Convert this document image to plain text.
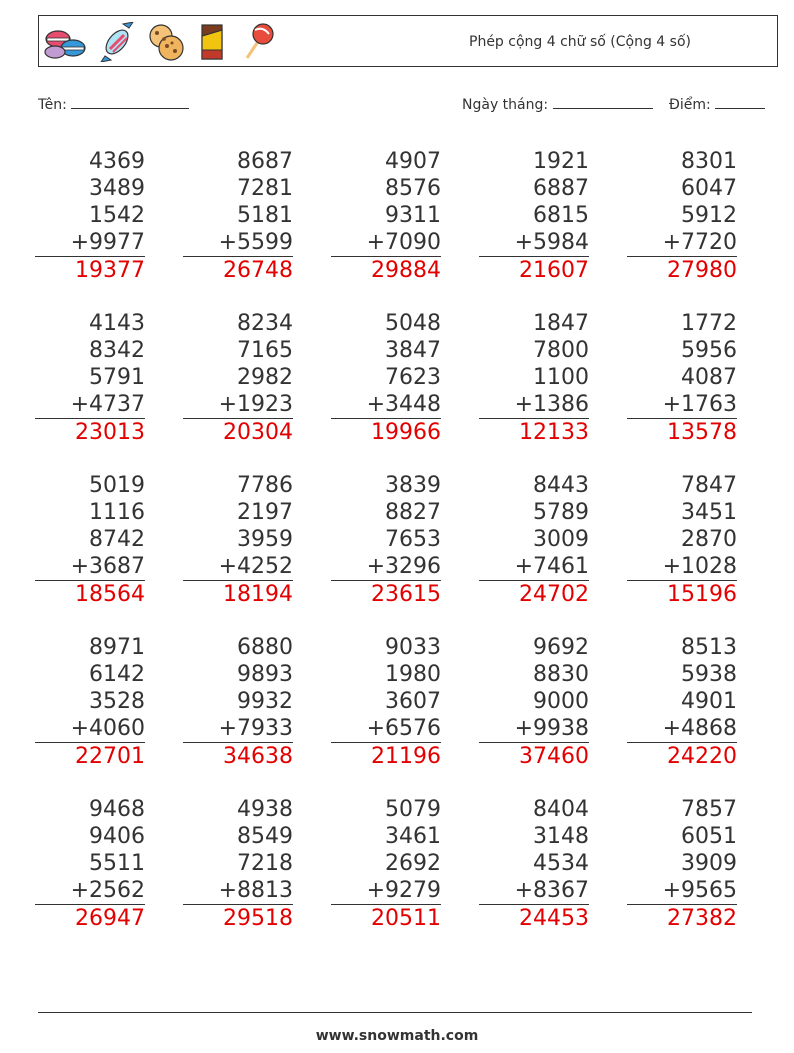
Phép cộng 4 chữ số (Cộng 4 số)
Tên:	Ngày tháng:	Điểm:
4369
3489
1542
+9977
19377
8687
7281
5181
+5599
26748
4907
8576
9311
+7090
29884
1921
6887
6815
+5984
21607
8301
6047
5912
+7720
27980
4143
8342
5791
+4737
23013
8234
7165
2982
+1923
20304
5048
3847
7623
+3448
19966
1847
7800
1100
+1386
12133
1772
5956
4087
+1763
13578
5019
1116
8742
+3687
18564
7786
2197
3959
+4252
18194
3839
8827
7653
+3296
23615
8443
5789
3009
+7461
24702
7847
3451
2870
+1028
15196
8971
6142
3528
+4060
22701
6880
9893
9932
+7933
34638
9033
1980
3607
+6576
21196
9692
8830
9000
+9938
37460
8513
5938
4901
+4868
24220
9468
9406
5511
+2562
26947
4938
8549
7218
+8813
29518
5079
3461
2692
+9279
20511
8404
3148
4534
+8367
24453
7857
6051
3909
+9565
27382
www.snowmath.com
